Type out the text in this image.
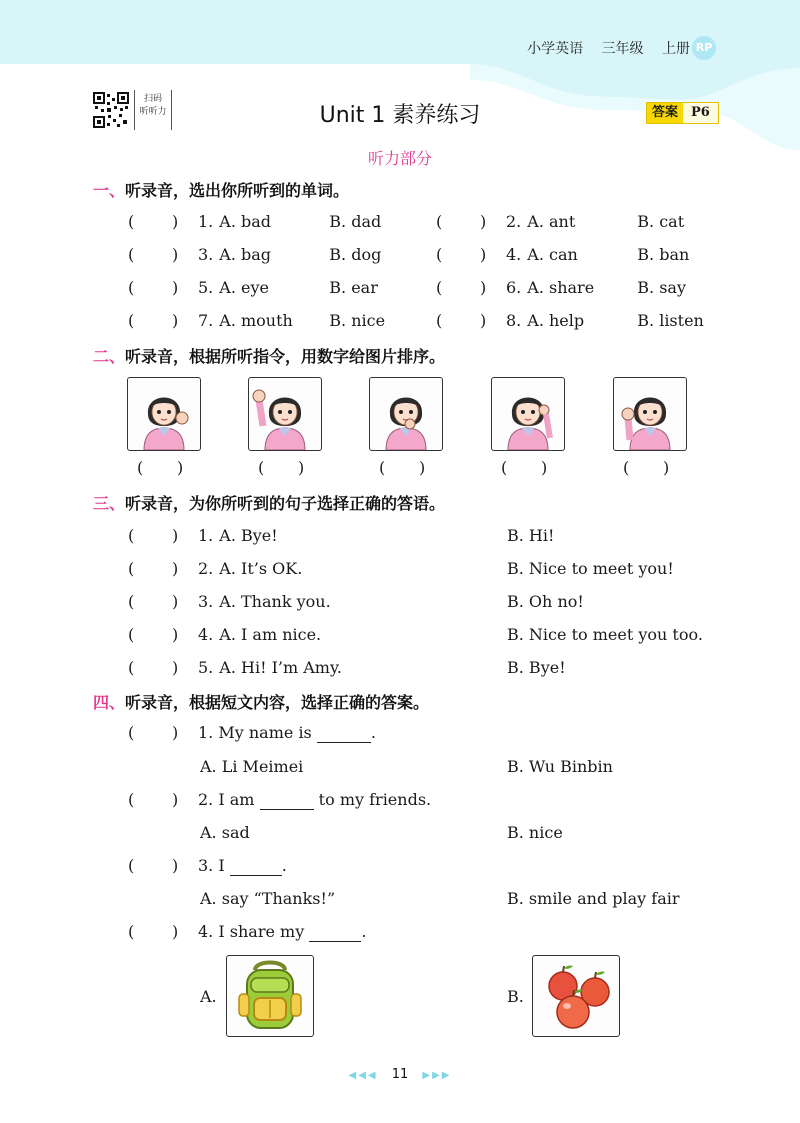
小学英语 三年级 上册 RP
扫码
听听力	Unit 1 素养练习	答案	P6
听力部分
一、听录音，选出你所听到的单词。
( ) 1. A. bad	B. dad	( ) 2. A. ant	B. cat
( ) 3. A. bag	B. dog	( ) 4. A. can	B. ban
( ) 5. A. eye	B. ear	( ) 6. A. share	B. say
( ) 7. A. mouth B. nice	( ) 8. A. help	B. listen
二、听录音，根据所听指令，用数字给图片排序。
( )	( )	( )	( )	( )
三、听录音，为你所听到的句子选择正确的答语。
( ) 1. A. Bye!	B. Hi!
( ) 2. A. It’s OK.	B. Nice to meet you!
( ) 3. A. Thank you.	B. Oh no!
( ) 4. A. I am nice.	B. Nice to meet you too.
( ) 5. A. Hi! I’m Amy.	B. Bye!
四、听录音，根据短文内容，选择正确的答案。
( ) 1. My name is	.
A. Li Meimei	B. Wu Binbin
( ) 2. I am	to my friends.
A. sad	B. nice
( ) 3. I	.
A. say “Thanks!”	B. smile and play fair
( ) 4. I share my	.
A.	B.
◀◀◀ 11 ▶▶▶
